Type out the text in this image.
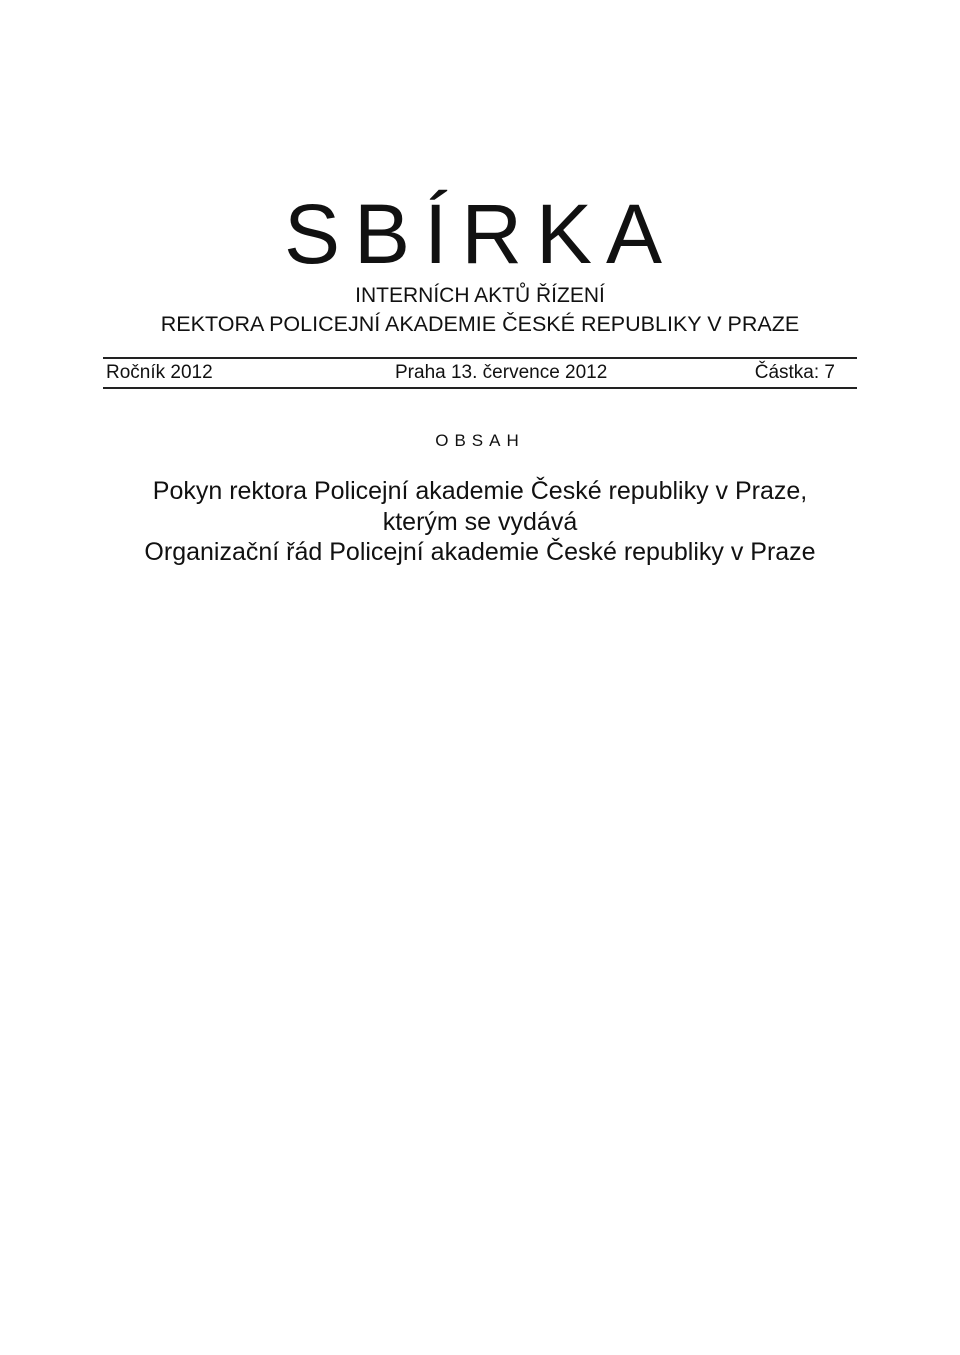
SBÍRKA
INTERNÍCH AKTŮ ŘÍZENÍ
REKTORA POLICEJNÍ AKADEMIE ČESKÉ REPUBLIKY V PRAZE
Ročník 2012	Praha 13. července 2012	Částka: 7
OBSAH
Pokyn rektora Policejní akademie České republiky v Praze,
kterým se vydává
Organizační řád Policejní akademie České republiky v Praze
